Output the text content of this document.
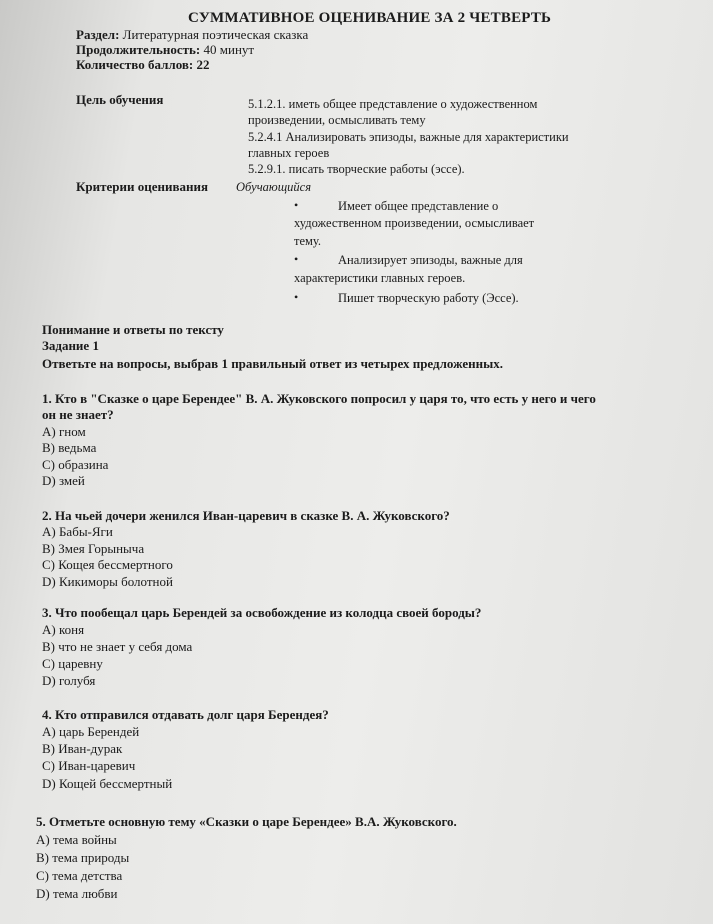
СУММАТИВНОЕ ОЦЕНИВАНИЕ ЗА 2 ЧЕТВЕРТЬ
Раздел: Литературная поэтическая сказка
Продолжительность: 40 минут
Количество баллов: 22
Цель обучения	5.1.2.1. иметь общее представление о художественном
произведении, осмысливать тему
5.2.4.1 Анализировать эпизоды, важные для характеристики
главных героев
5.2.9.1. писать творческие работы (эссе).
Критерии оценивания Обучающийся
•	Имеет общее представление о
художественном произведении, осмысливает
тему.
•	Анализирует эпизоды, важные для
характеристики главных героев.
•	Пишет творческую работу (Эссе).
Понимание и ответы по тексту
Задание 1
Ответьте на вопросы, выбрав 1 правильный ответ из четырех предложенных.
1. Кто в "Сказке о царе Берендее" В. А. Жуковского попросил у царя то, что есть у него и чего
он не знает?
A) гном
B) ведьма
C) образина
D) змей
2. На чьей дочери женился Иван-царевич в сказке В. А. Жуковского?
A) Бабы-Яги
B) Змея Горыныча
C) Кощея бессмертного
D) Кикиморы болотной
3. Что пообещал царь Берендей за освобождение из колодца своей бороды?
A) коня
B) что не знает у себя дома
C) царевну
D) голубя
4. Кто отправился отдавать долг царя Берендея?
A) царь Берендей
B) Иван-дурак
C) Иван-царевич
D) Кощей бессмертный
5. Отметьте основную тему «Сказки о царе Берендее» В.А. Жуковского.
A) тема войны
B) тема природы
C) тема детства
D) тема любви
